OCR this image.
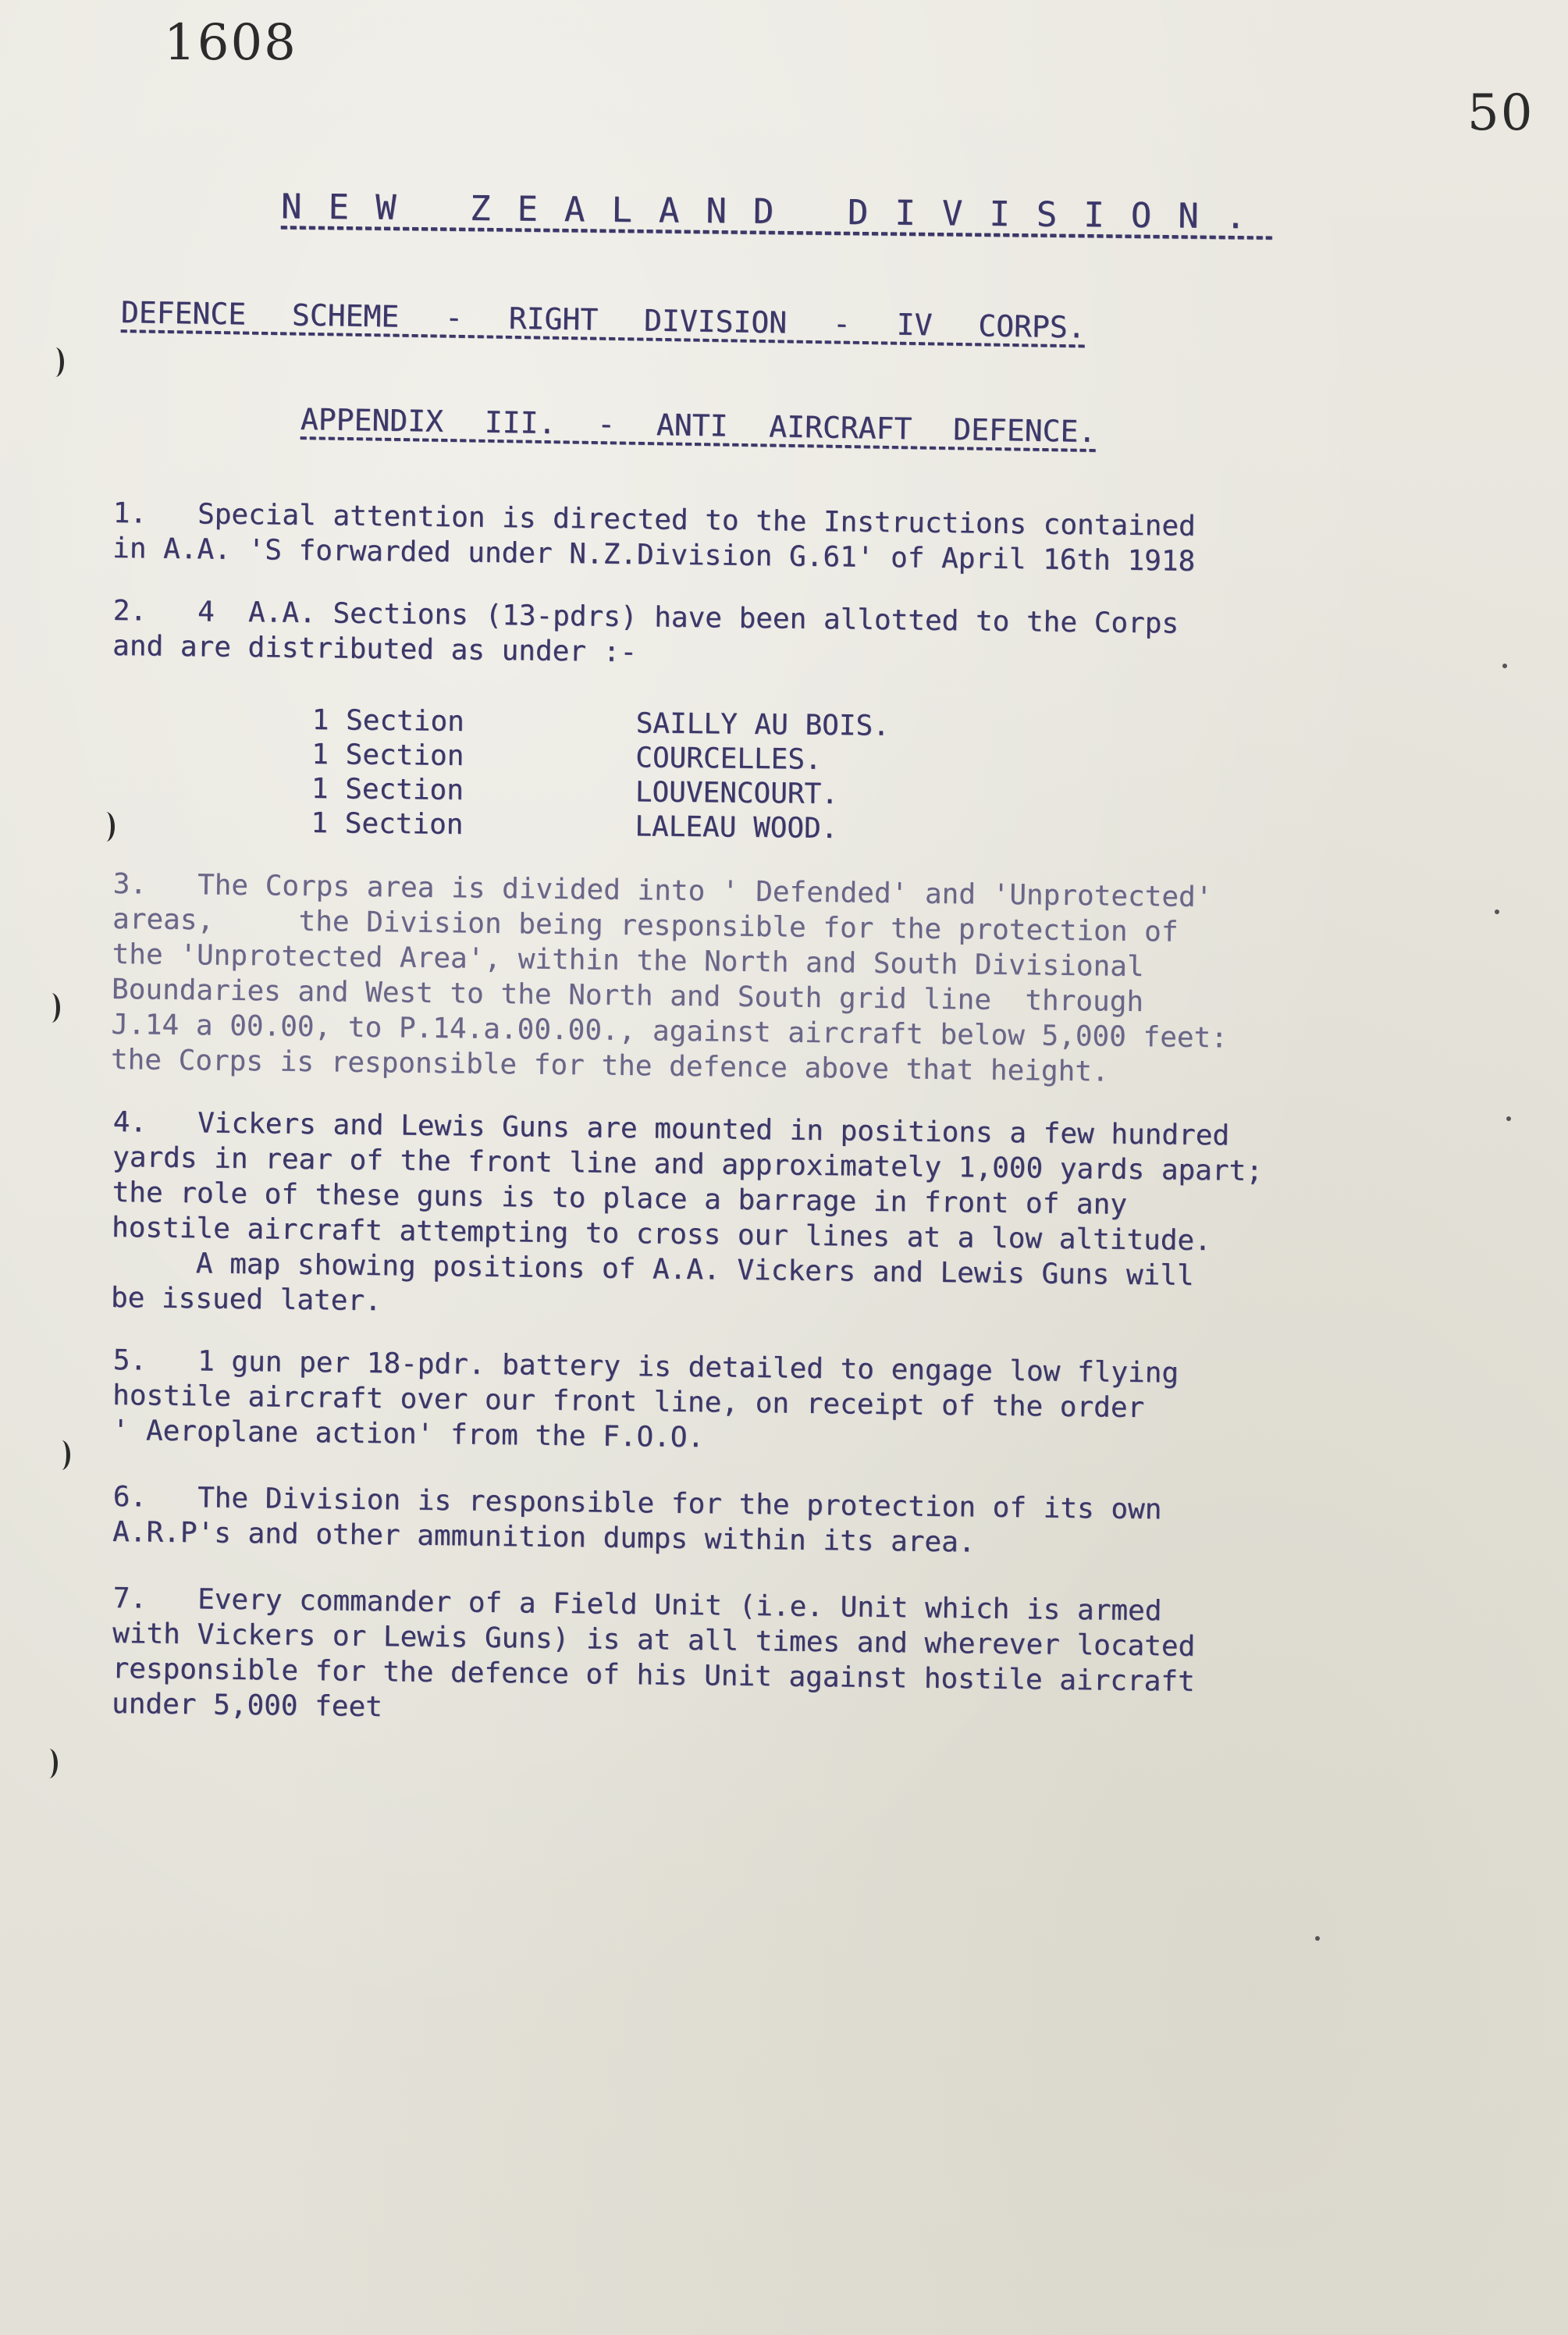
1608
50
NEW ZEALAND DIVISION.
DEFENCE SCHEME - RIGHT DIVISION - IV CORPS.
APPENDIX III. - ANTI AIRCRAFT DEFENCE.
1.   Special attention is directed to the Instructions contained
in A.A. 'S forwarded under N.Z.Division G.61' of April 16th 1918
2.   4  A.A. Sections (13-pdrs) have been allotted to the Corps
and are distributed as under :-
1 Section	SAILLY AU BOIS.
1 Section	COURCELLES.
1 Section	LOUVENCOURT.
1 Section	LALEAU WOOD.
3.   The Corps area is divided into ' Defended' and 'Unprotected'
areas,     the Division being responsible for the protection of
the 'Unprotected Area', within the North and South Divisional
Boundaries and West to the North and South grid line  through
J.14 a 00.00, to P.14.a.00.00., against aircraft below 5,000 feet:
the Corps is responsible for the defence above that height.
4.   Vickers and Lewis Guns are mounted in positions a few hundred
yards in rear of the front line and approximately 1,000 yards apart;
the role of these guns is to place a barrage in front of any
hostile aircraft attempting to cross our lines at a low altitude.
A map showing positions of A.A. Vickers and Lewis Guns will
be issued later.
5.   1 gun per 18-pdr. battery is detailed to engage low flying
hostile aircraft over our front line, on receipt of the order
' Aeroplane action' from the F.O.O.
6.   The Division is responsible for the protection of its own
A.R.P's and other ammunition dumps within its area.
7.   Every commander of a Field Unit (i.e. Unit which is armed
with Vickers or Lewis Guns) is at all times and wherever located
responsible for the defence of his Unit against hostile aircraft
under 5,000 feet
